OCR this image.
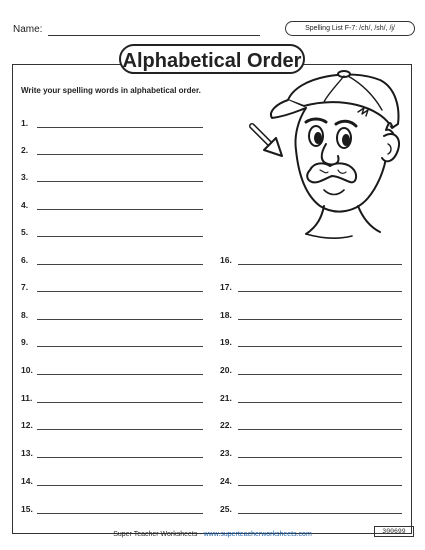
Name:	Spelling List F-7: /ch/, /sh/, /j/
Alphabetical Order
Write your spelling words in alphabetical order.
1.
2.
3.
4.
5.
6.
7.
8.
9.
10.
11.
12.
13.
14.
15.
16.
17.
18.
19.
20.
21.
22.
23.
24.
25.
Super Teacher Worksheets - www.superteacherworksheets.com	300699
